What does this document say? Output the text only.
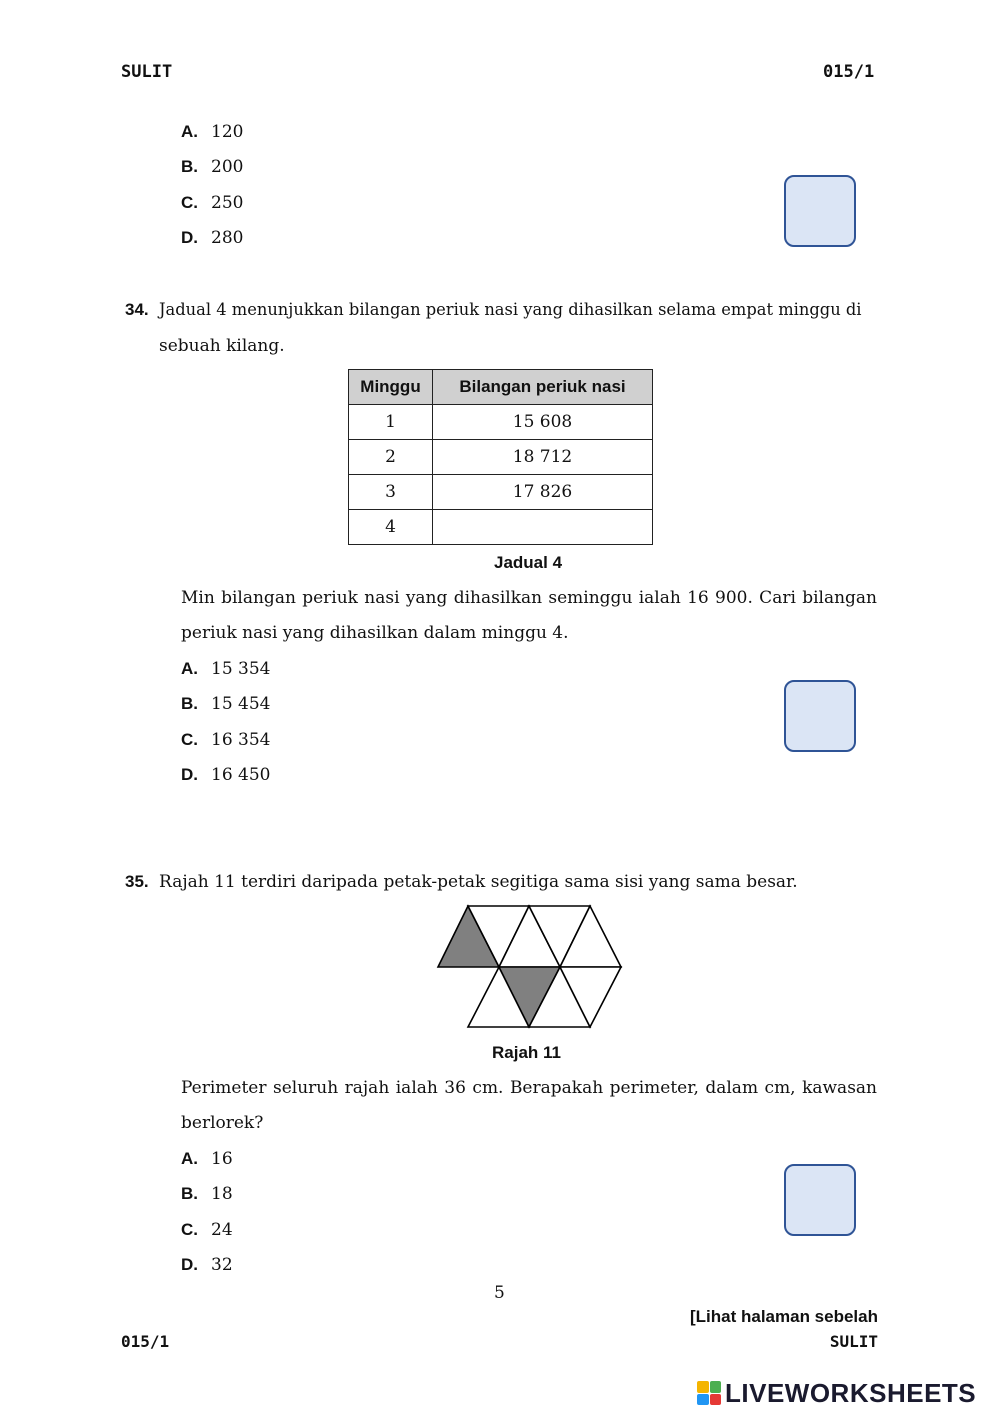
SULIT	015/1
A. 120
B. 200
C. 250
D. 280
34. Jadual 4 menunjukkan bilangan periuk nasi yang dihasilkan selama empat minggu di
sebuah kilang.
Minggu	Bilangan periuk nasi
1	15 608
2	18 712
3	17 826
4	
Jadual 4
Min bilangan periuk nasi yang dihasilkan seminggu ialah 16 900. Cari bilangan periuk nasi yang dihasilkan dalam minggu 4.
A. 15 354
B. 15 454
C. 16 354
D. 16 450
35. Rajah 11 terdiri daripada petak-petak segitiga sama sisi yang sama besar.
Rajah 11
Perimeter seluruh rajah ialah 36 cm. Berapakah perimeter, dalam cm, kawasan berlorek?
A. 16
B. 18
C. 24
D. 32
5
[Lihat halaman sebelah
015/1	SULIT
LIVEWORKSHEETS
